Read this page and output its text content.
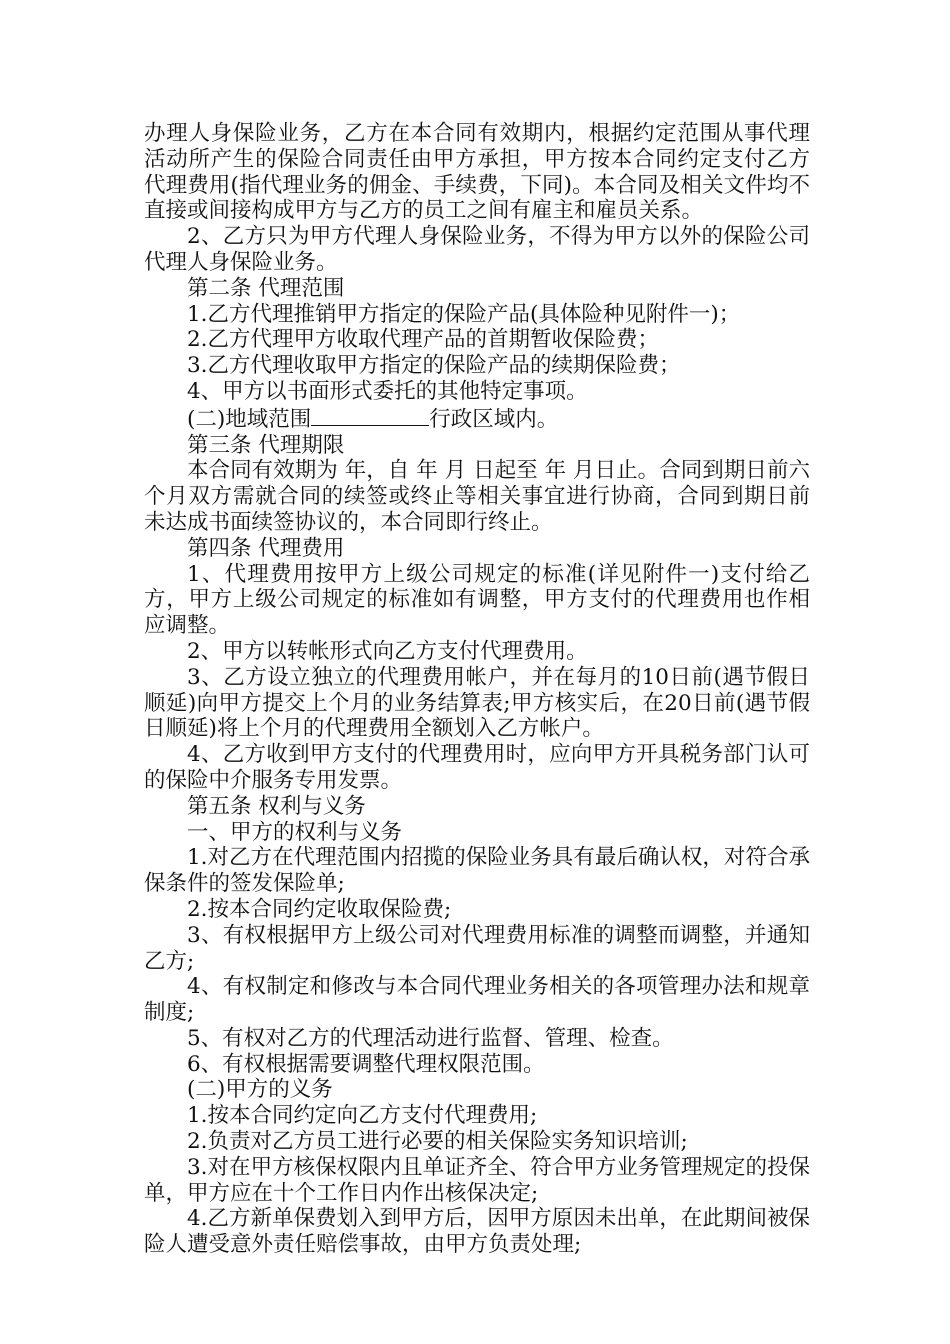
办理人身保险业务，乙方在本合同有效期内，根据约定范围从事代理活动所产生的保险合同责任由甲方承担，甲方按本合同约定支付乙方代理费用(指代理业务的佣金、手续费，下同)。本合同及相关文件均不直接或间接构成甲方与乙方的员工之间有雇主和雇员关系。

2、乙方只为甲方代理人身保险业务，不得为甲方以外的保险公司代理人身保险业务。

第二条 代理范围

1.乙方代理推销甲方指定的保险产品(具体险种见附件一)；

2.乙方代理甲方收取代理产品的首期暂收保险费；

3.乙方代理收取甲方指定的保险产品的续期保险费；

4、甲方以书面形式委托的其他特定事项。

(二)地域范围	行政区域内。

第三条 代理期限

本合同有效期为 年，自 年 月 日起至 年 月日止。合同到期日前六个月双方需就合同的续签或终止等相关事宜进行协商，合同到期日前未达成书面续签协议的，本合同即行终止。

第四条 代理费用

1、代理费用按甲方上级公司规定的标准(详见附件一)支付给乙方，甲方上级公司规定的标准如有调整，甲方支付的代理费用也作相应调整。

2、甲方以转帐形式向乙方支付代理费用。

3、乙方设立独立的代理费用帐户，并在每月的10日前(遇节假日顺延)向甲方提交上个月的业务结算表;甲方核实后，在20日前(遇节假日顺延)将上个月的代理费用全额划入乙方帐户。

4、乙方收到甲方支付的代理费用时，应向甲方开具税务部门认可的保险中介服务专用发票。

第五条 权利与义务

一、甲方的权利与义务

1.对乙方在代理范围内招揽的保险业务具有最后确认权，对符合承保条件的签发保险单;

2.按本合同约定收取保险费;

3、有权根据甲方上级公司对代理费用标准的调整而调整，并通知乙方;

4、有权制定和修改与本合同代理业务相关的各项管理办法和规章制度;

5、有权对乙方的代理活动进行监督、管理、检查。

6、有权根据需要调整代理权限范围。

(二)甲方的义务

1.按本合同约定向乙方支付代理费用;

2.负责对乙方员工进行必要的相关保险实务知识培训;

3.对在甲方核保权限内且单证齐全、符合甲方业务管理规定的投保单，甲方应在十个工作日内作出核保决定;

4.乙方新单保费划入到甲方后，因甲方原因未出单，在此期间被保险人遭受意外责任赔偿事故，由甲方负责处理;
